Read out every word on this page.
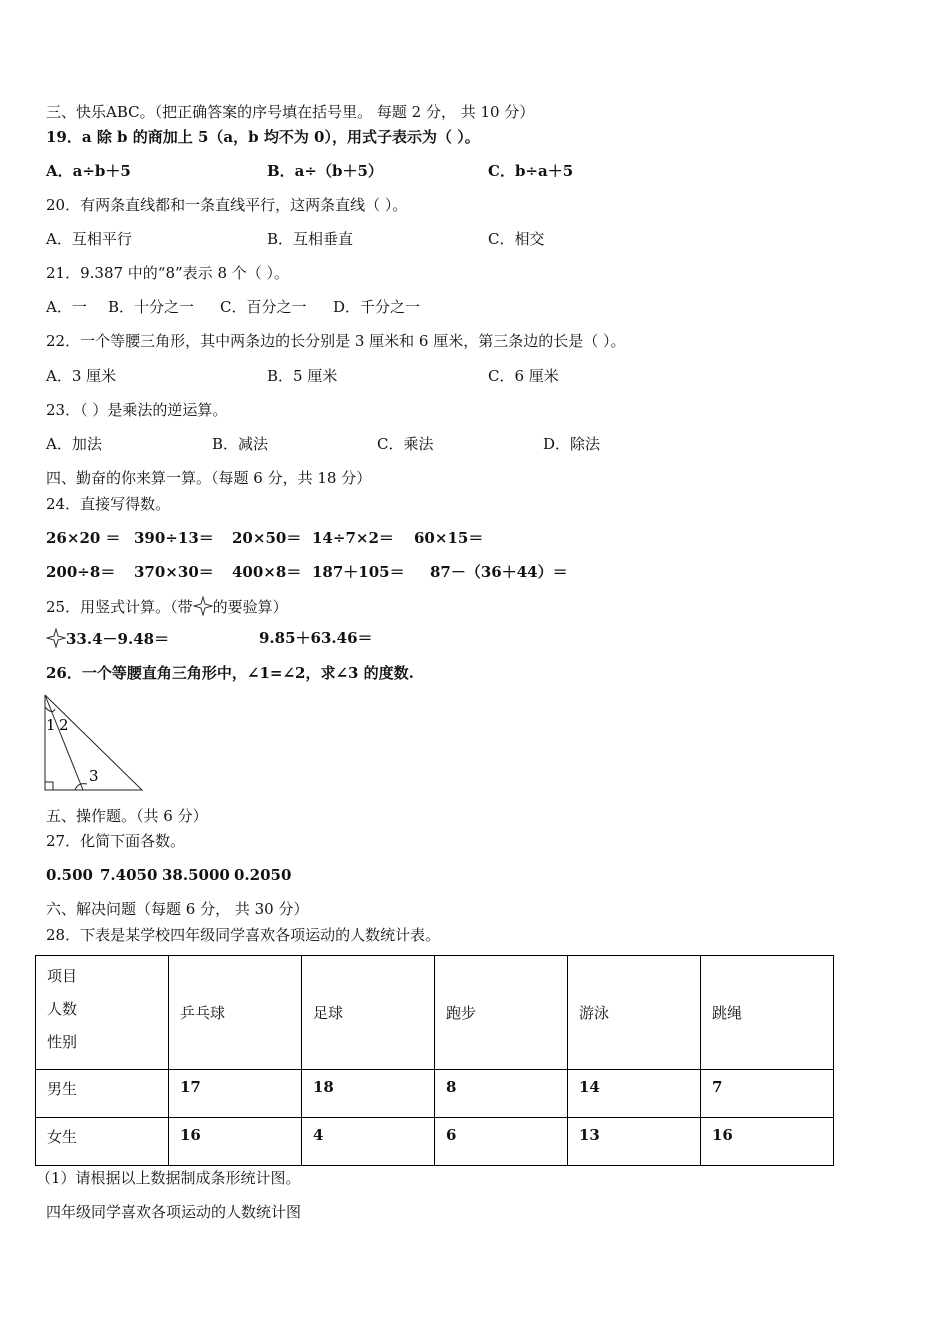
三、快乐ABC。（把正确答案的序号填在括号里。 每题 2 分， 共 10 分）
19．a 除 b 的商加上 5（a，b 均不为 0），用式子表示为（ ）。
A．a÷b＋5	B．a÷（b＋5）	C．b÷a＋5
20．有两条直线都和一条直线平行，这两条直线（ ）。
A．互相平行	B．互相垂直	C．相交
21．9.387 中的“8”表示 8 个（ ）。
A．一 B．十分之一 C．百分之一 D．千分之一
22．一个等腰三角形，其中两条边的长分别是 3 厘米和 6 厘米，第三条边的长是（ ）。
A．3 厘米	B．5 厘米	C．6 厘米
23．（ ）是乘法的逆运算。
A．加法	B．减法	C．乘法	D．除法
四、勤奋的你来算一算。（每题 6 分，共 18 分）
24．直接写得数。
26×20 ＝ 390÷13＝ 20×50＝ 14÷7×2＝ 60×15＝
200÷8＝ 370×30＝ 400×8＝ 187＋105＝ 87－（36＋44）＝
25．用竖式计算。（带 的要验算）
33.4－9.48＝	9.85＋63.46＝
26．一个等腰直角三角形中，∠1=∠2，求∠3 的度数.
1 2
3
五、操作题。（共 6 分）
27．化简下面各数。
0.500 7.4050 38.5000 0.2050
六、解决问题（每题 6 分， 共 30 分）
28．下表是某学校四年级同学喜欢各项运动的人数统计表。
项目
人数
性别	乒乓球	足球	跑步	游泳	跳绳
男生	17	18	8	14	7
女生	16	4	6	13	16
（1）请根据以上数据制成条形统计图。
四年级同学喜欢各项运动的人数统计图
